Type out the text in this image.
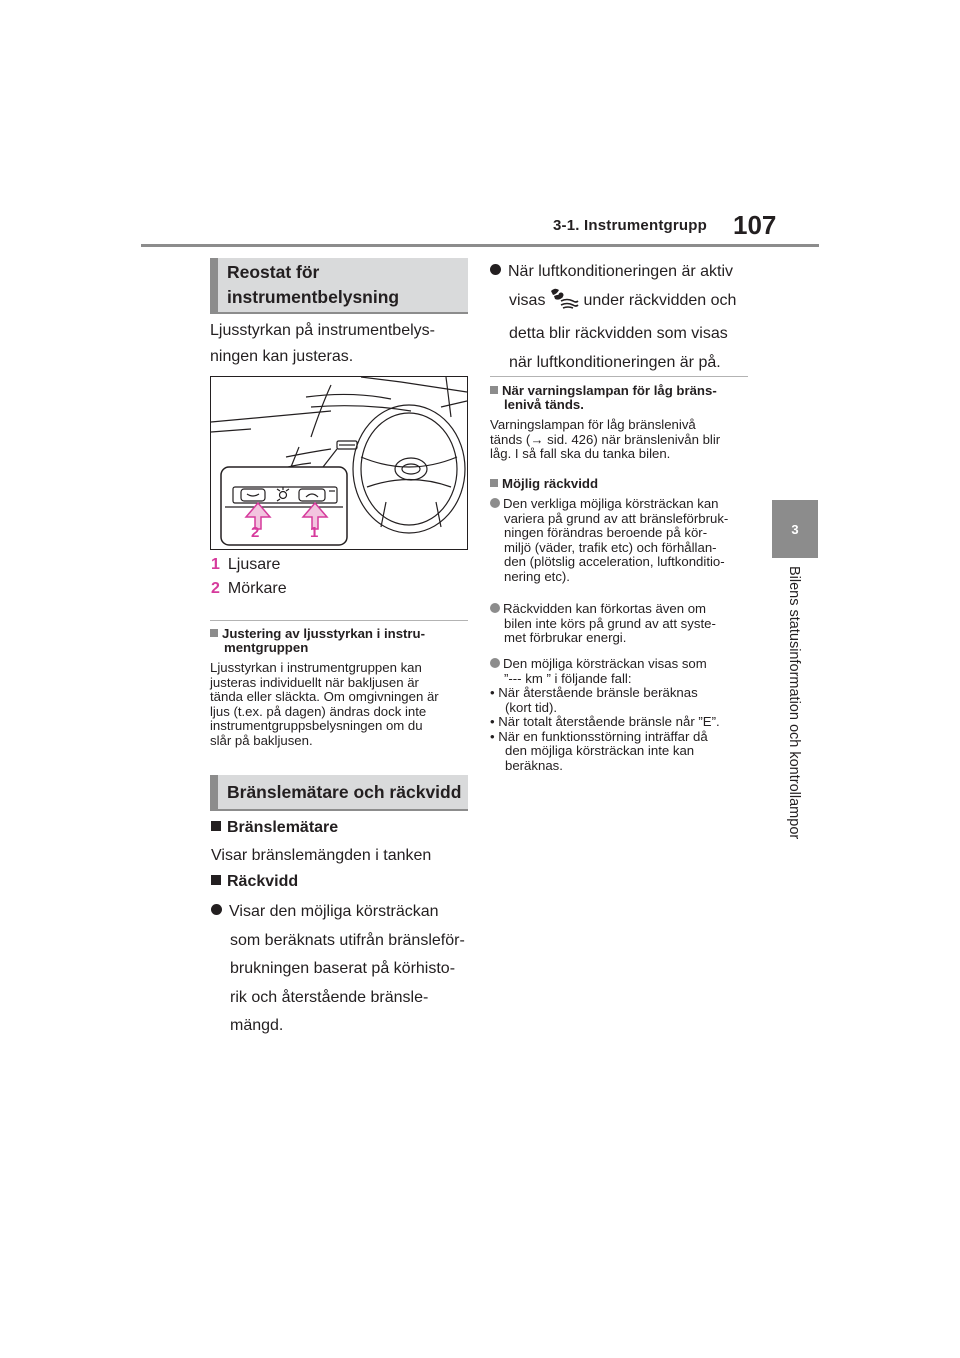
3-1. Instrumentgrupp 107
3
Bilens statusinformation och kontrollampor
Reostat för
instrumentbelysning
Ljusstyrkan på instrumentbelys-
ningen kan justeras.
2	1
1 Ljusare
2 Mörkare
Justering av ljusstyrkan i instru-
mentgruppen
Ljusstyrkan i instrumentgruppen kan
justeras individuellt när bakljusen är
tända eller släckta. Om omgivningen är
ljus (t.ex. på dagen) ändras dock inte
instrumentgruppsbelysningen om du
slår på bakljusen.
Bränslemätare och räckvidd
Bränslemätare
Visar bränslemängden i tanken
Räckvidd
Visar den möjliga körsträckan
som beräknats utifrån bränsleför-
brukningen baserat på körhisto-
rik och återstående bränsle-
mängd.
När luftkonditioneringen är aktiv
visas under räckvidden och
detta blir räckvidden som visas
när luftkonditioneringen är på.
När varningslampan för låg bräns-
lenivå tänds.
Varningslampan för låg bränslenivå
tänds (→ sid. 426) när bränslenivån blir
låg. I så fall ska du tanka bilen.
Möjlig räckvidd
Den verkliga möjliga körsträckan kan
variera på grund av att bränsleförbruk-
ningen förändras beroende på kör-
miljö (väder, trafik etc) och förhållan-
den (plötslig acceleration, luftkonditio-
nering etc).
Räckvidden kan förkortas även om
bilen inte körs på grund av att syste-
met förbrukar energi.
Den möjliga körsträckan visas som
”--- km ” i följande fall:
• När återstående bränsle beräknas
(kort tid).
• När totalt återstående bränsle når ”E”.
• När en funktionsstörning inträffar då
den möjliga körsträckan inte kan
beräknas.
